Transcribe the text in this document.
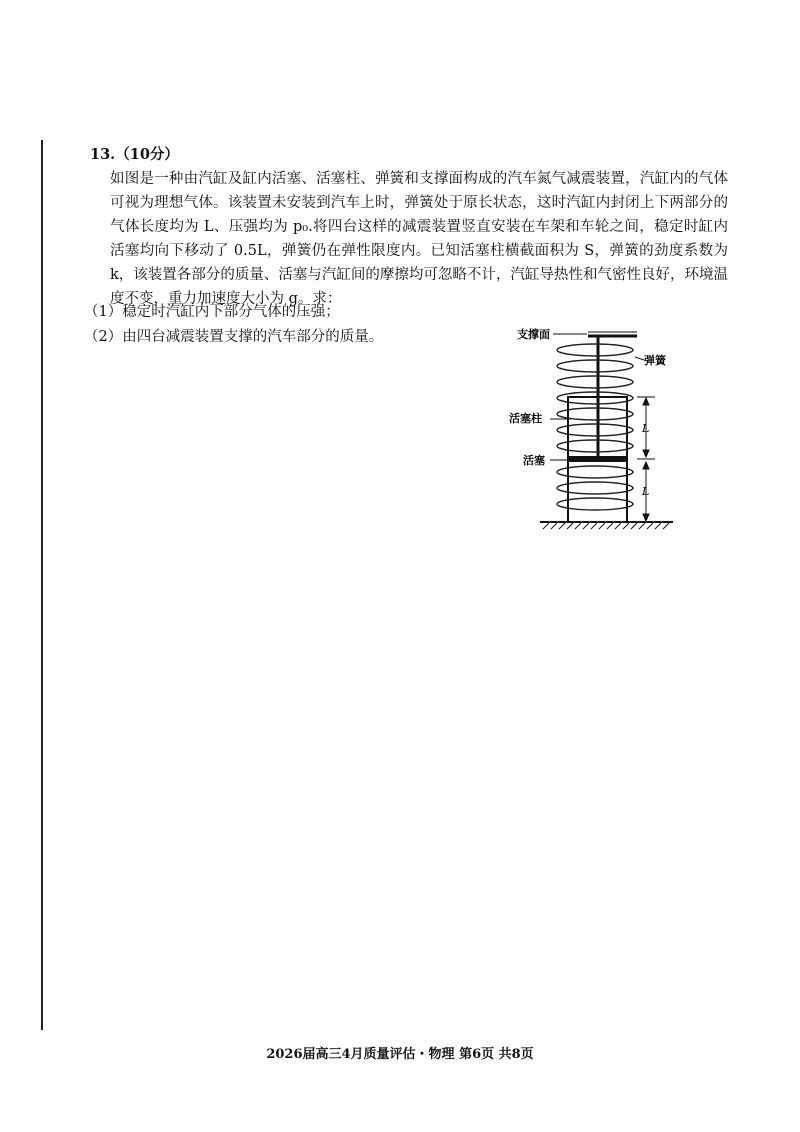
13.（10分）
如图是一种由汽缸及缸内活塞、活塞柱、弹簧和支撑面构成的汽车氮气减震装置，汽缸内的气体可视为理想气体。该装置未安装到汽车上时，弹簧处于原长状态，这时汽缸内封闭上下两部分的气体长度均为 L、压强均为 p₀.将四台这样的减震装置竖直安装在车架和车轮之间，稳定时缸内活塞均向下移动了 0.5L，弹簧仍在弹性限度内。已知活塞柱横截面积为 S，弹簧的劲度系数为 k，该装置各部分的质量、活塞与汽缸间的摩擦均可忽略不计，汽缸导热性和气密性良好，环境温度不变，重力加速度大小为 g。求：
（1）稳定时汽缸内下部分气体的压强；
（2）由四台减震装置支撑的汽车部分的质量。	支撑面
弹簧
活塞柱
活塞
L
L
2026届高三4月质量评估・物理 第6页 共8页
